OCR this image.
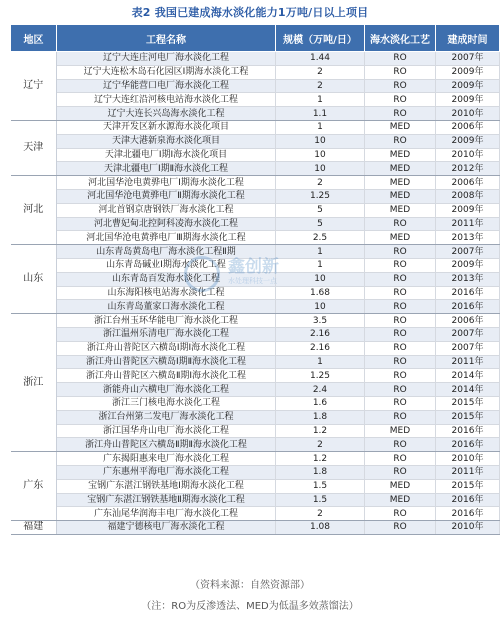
表2 我国已建成海水淡化能力1万吨/日以上项目
地区	工程名称	规模（万吨/日）	海水淡化工艺	建成时间
辽宁	辽宁大连庄河电厂海水淡化工程	1.44	RO	2007年
	辽宁大连松木岛石化园区Ⅰ期海水淡化工程	2	RO	2009年
	辽宁华能营口电厂海水淡化工程	2	RO	2009年
	辽宁大连红沿河核电站海水淡化工程	1	RO	2009年
	辽宁大连长兴岛海水淡化工程	1.1	RO	2010年
天津	天津开发区新水源海水淡化项目	1	MED	2006年
	天津大港新泉海水淡化项目	10	RO	2009年
	天津北疆电厂Ⅰ期Ⅰ海水淡化项目	10	MED	2010年
	天津北疆电厂Ⅰ期Ⅱ海水淡化工程	10	MED	2012年
河北	河北国华沧电黄骅电厂Ⅰ期海水淡化工程	2	MED	2006年
	河北国华沧电黄骅电厂Ⅱ期海水淡化工程	1.25	MED	2008年
	河北首钢京唐钢铁厂海水淡化工程	5	MED	2009年
	河北曹妃甸北控阿科凌海水淡化工程	5	RO	2011年
	河北国华沧电黄骅电厂Ⅲ期海水淡化工程	2.5	MED	2013年
山东	山东青岛黄岛电厂海水淡化工程Ⅱ期	1	RO	2007年
	山东青岛碱业Ⅰ期海水淡化工程	1	RO	2009年
	山东青岛百发海水淡化工程	10	RO	2013年
	山东海阳核电站海水淡化工程	1.68	RO	2016年
	山东青岛董家口海水淡化工程	10	RO	2016年
浙江	浙江台州玉环华能电厂海水淡化工程	3.5	RO	2006年
	浙江温州乐清电厂海水淡化工程	2.16	RO	2007年
	浙江舟山普陀区六横岛Ⅰ期Ⅰ海水淡化工程	2.16	RO	2007年
	浙江舟山普陀区六横岛Ⅰ期Ⅱ海水淡化工程	1	RO	2011年
	浙江舟山普陀区六横岛Ⅱ期Ⅰ海水淡化工程	1.25	RO	2014年
	浙能舟山六横电厂海水淡化工程	2.4	RO	2014年
	浙江三门核电海水淡化工程	1.6	RO	2015年
	浙江台州第二发电厂海水淡化工程	1.8	RO	2015年
	浙江国华舟山电厂海水淡化工程	1.2	MED	2016年
	浙江舟山普陀区六横岛Ⅱ期Ⅱ海水淡化工程	2	RO	2016年
广东	广东揭阳惠来电厂海水淡化工程	1.2	RO	2010年
	广东惠州平海电厂海水淡化工程	1.8	RO	2011年
	宝钢广东湛江钢铁基地Ⅰ期海水淡化工程	1.5	MED	2015年
	宝钢广东湛江钢铁基地Ⅱ期海水淡化工程	1.5	MED	2016年
	广东汕尾华润海丰电厂海水淡化工程	2	RO	2016年
福建	福建宁德核电厂海水淡化工程	1.08	RO	2010年
鑫创新
水处理科技一点
（资料来源：自然资源部）
（注：RO为反渗透法、MED为低温多效蒸馏法）
